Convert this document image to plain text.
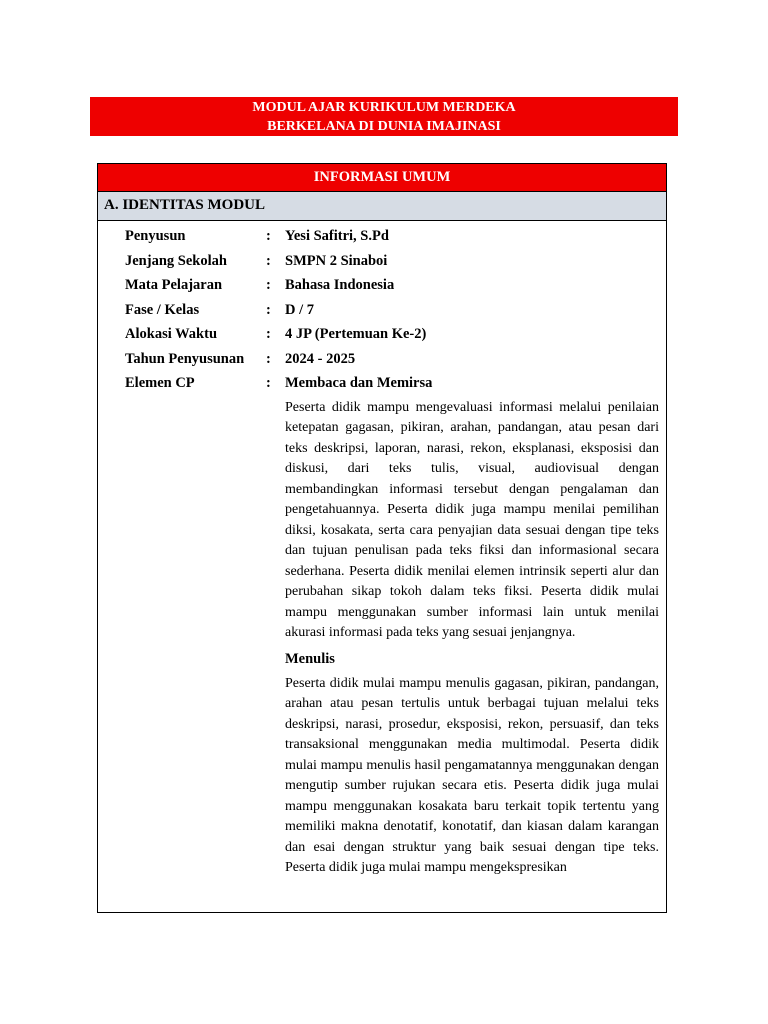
MODUL AJAR KURIKULUM MERDEKA
BERKELANA DI DUNIA IMAJINASI
INFORMASI UMUM
A. IDENTITAS MODUL
Penyusun	: Yesi Safitri, S.Pd
Jenjang Sekolah	: SMPN 2 Sinaboi
Mata Pelajaran	: Bahasa Indonesia
Fase / Kelas	: D / 7
Alokasi Waktu	: 4 JP (Pertemuan Ke-2)
Tahun Penyusunan : 2024 - 2025
Elemen CP	: Membaca dan Memirsa
Peserta didik mampu mengevaluasi informasi melalui penilaian ketepatan gagasan, pikiran, arahan, pandangan, atau pesan dari teks deskripsi, laporan, narasi, rekon, eksplanasi, eksposisi dan diskusi, dari teks tulis, visual, audiovisual dengan membandingkan informasi tersebut dengan pengalaman dan pengetahuannya. Peserta didik juga mampu menilai pemilihan diksi, kosakata, serta cara penyajian data sesuai dengan tipe teks dan tujuan penulisan pada teks fiksi dan informasional secara sederhana. Peserta didik menilai elemen intrinsik seperti alur dan perubahan sikap tokoh dalam teks fiksi. Peserta didik mulai mampu menggunakan sumber informasi lain untuk menilai akurasi informasi pada teks yang sesuai jenjangnya.
Menulis
Peserta didik mulai mampu menulis gagasan, pikiran, pandangan, arahan atau pesan tertulis untuk berbagai tujuan melalui teks deskripsi, narasi, prosedur, eksposisi, rekon, persuasif, dan teks transaksional menggunakan media multimodal. Peserta didik mulai mampu menulis hasil pengamatannya menggunakan dengan mengutip sumber rujukan secara etis. Peserta didik juga mulai mampu menggunakan kosakata baru terkait topik tertentu yang memiliki makna denotatif, konotatif, dan kiasan dalam karangan dan esai dengan struktur yang baik sesuai dengan tipe teks. Peserta didik juga mulai mampu mengekspresikan
